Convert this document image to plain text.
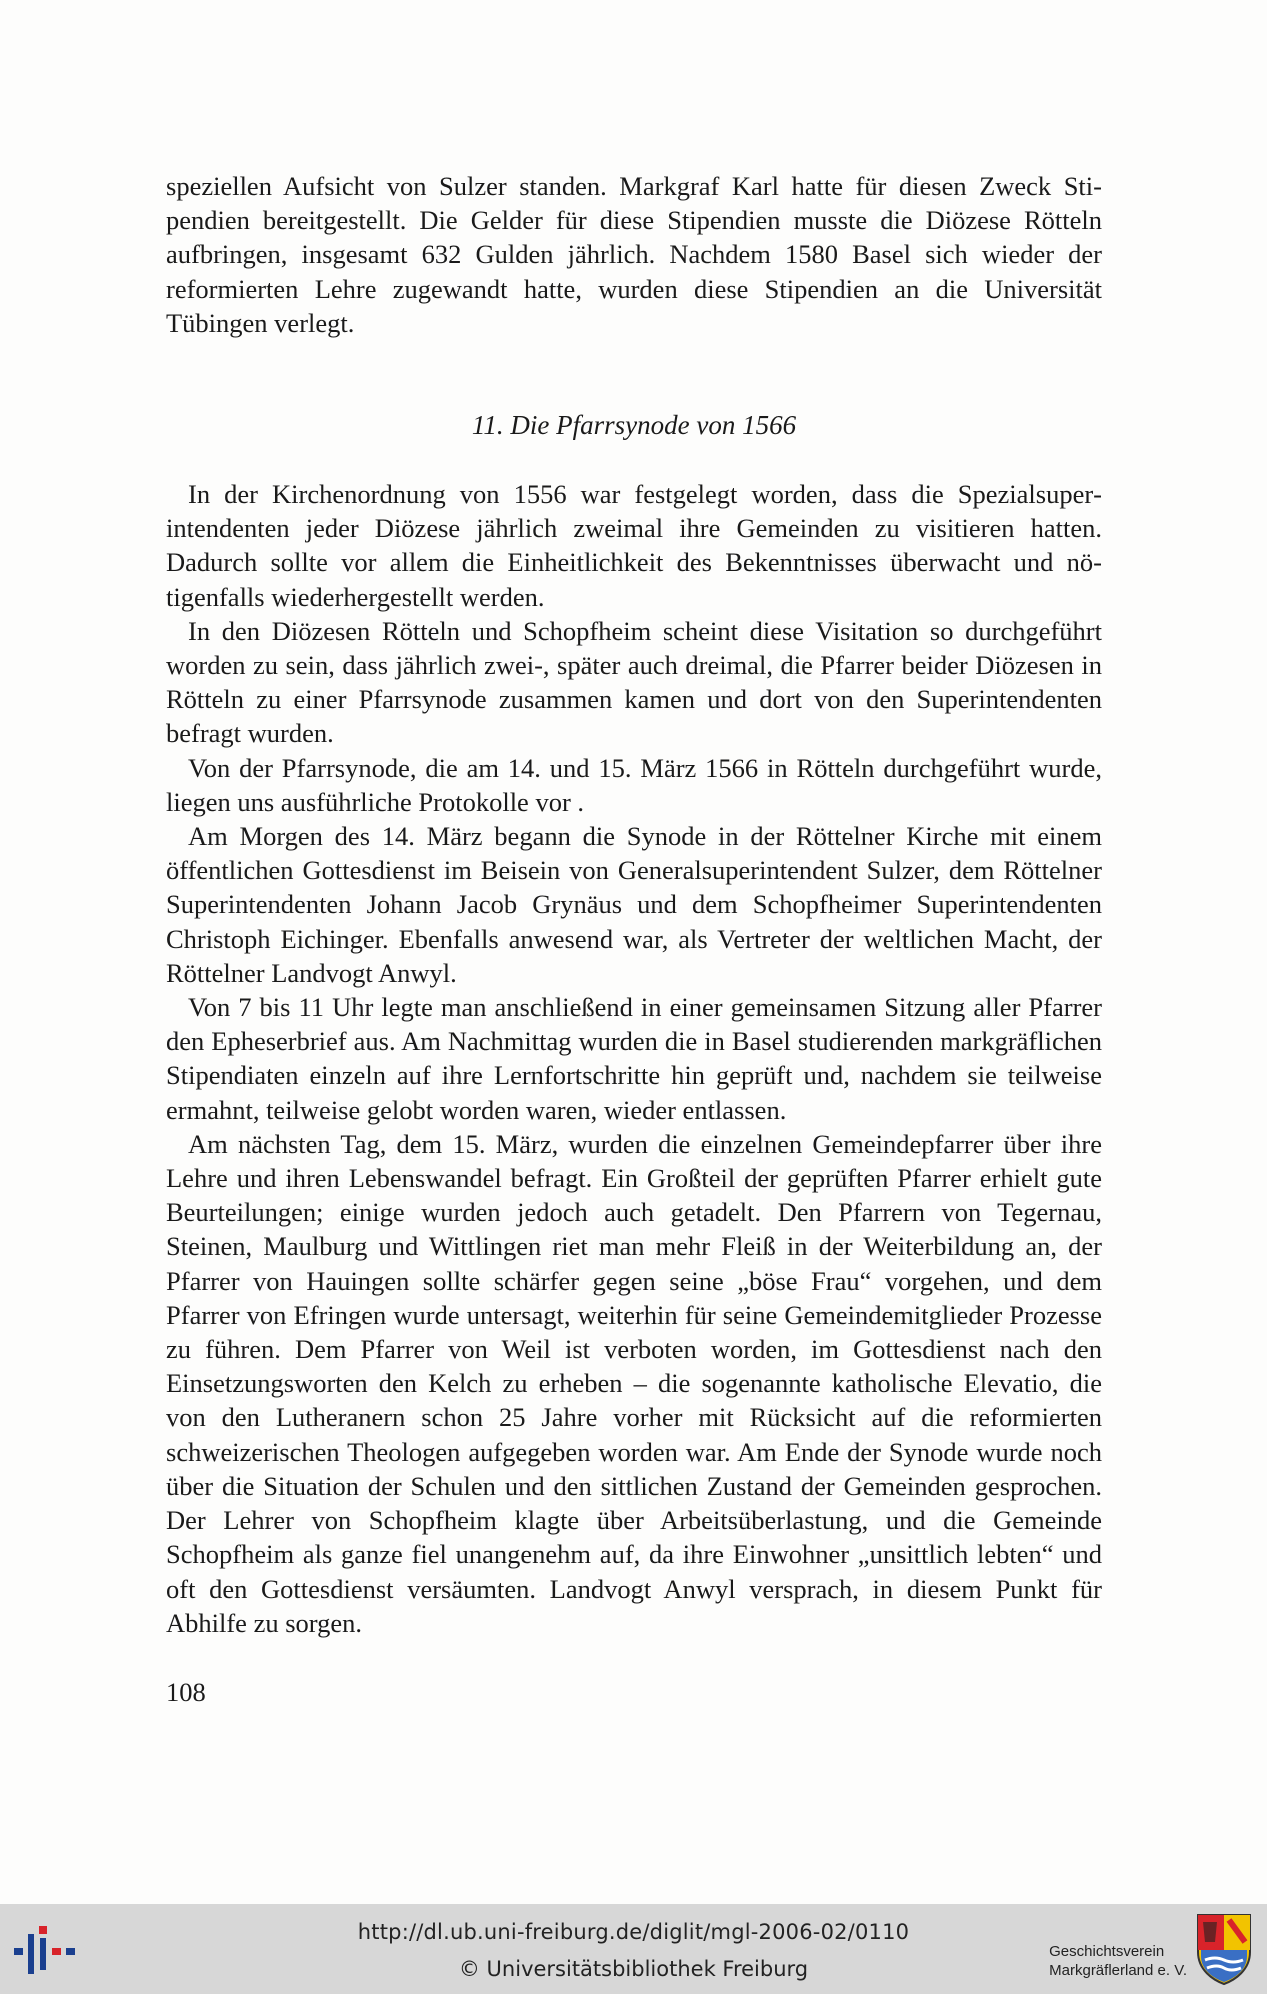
speziellen Aufsicht von Sulzer standen. Markgraf Karl hatte für diesen Zweck Stipendien bereitgestellt. Die Gelder für diese Stipendien musste die Diözese Rötteln aufbringen, insgesamt 632 Gulden jährlich. Nachdem 1580 Basel sich wieder der reformierten Lehre zugewandt hatte, wurden diese Stipendien an die Universität Tübingen verlegt.

11. Die Pfarrsynode von 1566

In der Kirchenordnung von 1556 war festgelegt worden, dass die Spezialsuperintendenten jeder Diözese jährlich zweimal ihre Gemeinden zu visitieren hatten. Dadurch sollte vor allem die Einheitlichkeit des Bekenntnisses überwacht und nötigenfalls wiederhergestellt werden.

In den Diözesen Rötteln und Schopfheim scheint diese Visitation so durchgeführt worden zu sein, dass jährlich zwei-, später auch dreimal, die Pfarrer beider Diözesen in Rötteln zu einer Pfarrsynode zusammen kamen und dort von den Superintendenten befragt wurden.

Von der Pfarrsynode, die am 14. und 15. März 1566 in Rötteln durchgeführt wurde, liegen uns ausführliche Protokolle vor .

Am Morgen des 14. März begann die Synode in der Röttelner Kirche mit einem öffentlichen Gottesdienst im Beisein von Generalsuperintendent Sulzer, dem Röttelner Superintendenten Johann Jacob Grynäus und dem Schopfheimer Superintendenten Christoph Eichinger. Ebenfalls anwesend war, als Vertreter der weltlichen Macht, der Röttelner Landvogt Anwyl.

Von 7 bis 11 Uhr legte man anschließend in einer gemeinsamen Sitzung aller Pfarrer den Epheserbrief aus. Am Nachmittag wurden die in Basel studierenden markgräflichen Stipendiaten einzeln auf ihre Lernfortschritte hin geprüft und, nachdem sie teilweise ermahnt, teilweise gelobt worden waren, wieder entlassen.

Am nächsten Tag, dem 15. März, wurden die einzelnen Gemeindepfarrer über ihre Lehre und ihren Lebenswandel befragt. Ein Großteil der geprüften Pfarrer erhielt gute Beurteilungen; einige wurden jedoch auch getadelt. Den Pfarrern von Tegernau, Steinen, Maulburg und Wittlingen riet man mehr Fleiß in der Weiterbildung an, der Pfarrer von Hauingen sollte schärfer gegen seine „böse Frau“ vorgehen, und dem Pfarrer von Efringen wurde untersagt, weiterhin für seine Gemeindemitglieder Prozesse zu führen. Dem Pfarrer von Weil ist verboten worden, im Gottesdienst nach den Einsetzungsworten den Kelch zu erheben – die sogenannte katholische Elevatio, die von den Lutheranern schon 25 Jahre vorher mit Rücksicht auf die reformierten schweizerischen Theologen aufgegeben worden war. Am Ende der Synode wurde noch über die Situation der Schulen und den sittlichen Zustand der Gemeinden gesprochen. Der Lehrer von Schopfheim klagte über Arbeitsüberlastung, und die Gemeinde Schopfheim als ganze fiel unangenehm auf, da ihre Einwohner „unsittlich lebten“ und oft den Gottesdienst versäumten. Landvogt Anwyl versprach, in diesem Punkt für Abhilfe zu sorgen.

108
http://dl.ub.uni-freiburg.de/diglit/mgl-2006-02/0110
© Universitätsbibliothek Freiburg
Geschichtsverein
Markgräflerland e. V.
